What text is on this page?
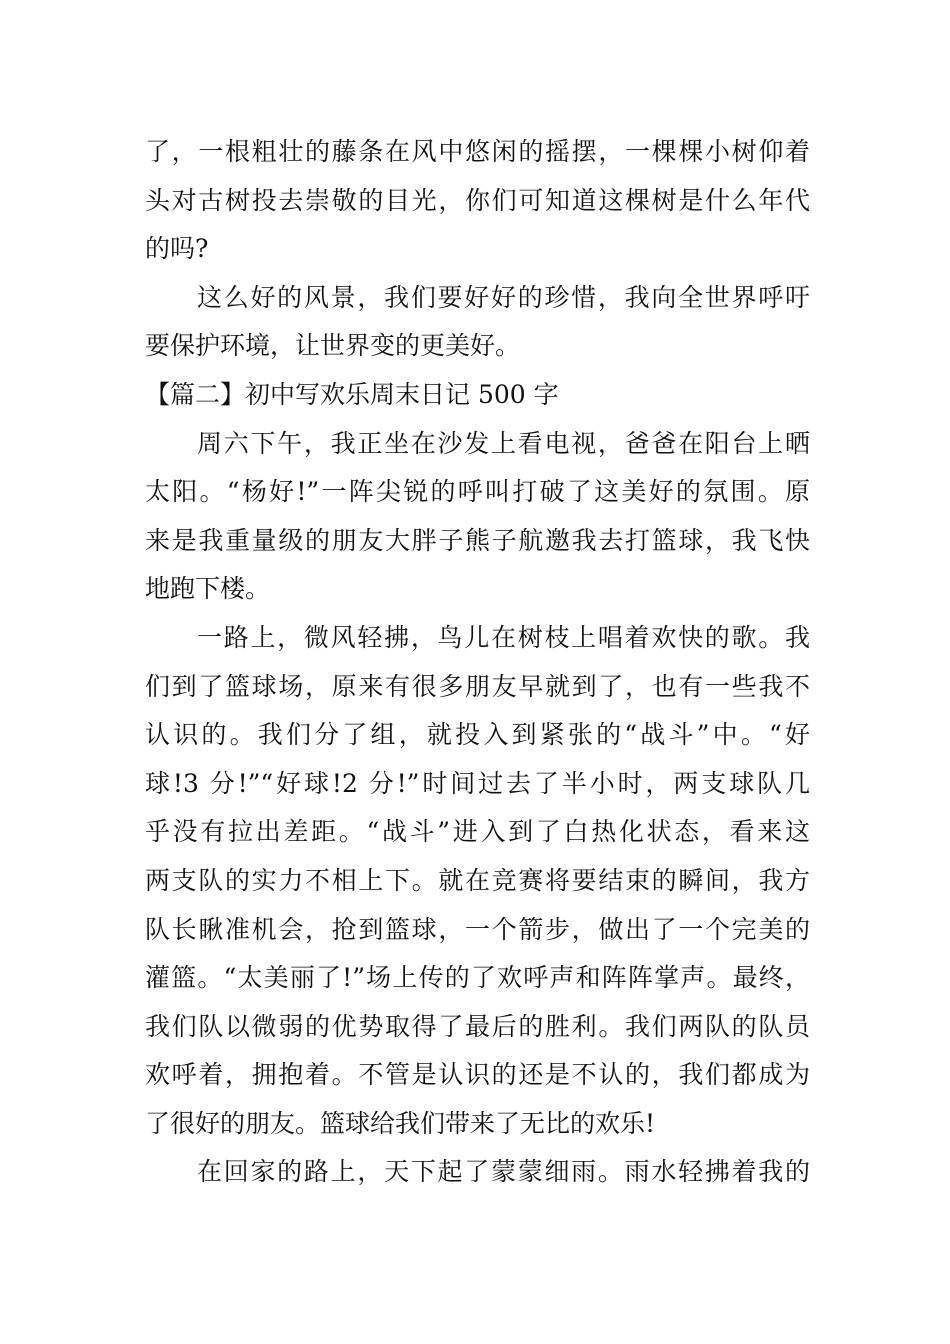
了，一根粗壮的藤条在风中悠闲的摇摆，一棵棵小树仰着
头对古树投去崇敬的目光，你们可知道这棵树是什么年代
的吗?
这么好的风景，我们要好好的珍惜，我向全世界呼吁
要保护环境，让世界变的更美好。
【篇二】初中写欢乐周末日记 500 字
周六下午，我正坐在沙发上看电视，爸爸在阳台上晒
太阳。“杨好!”一阵尖锐的呼叫打破了这美好的氛围。原
来是我重量级的朋友大胖子熊子航邀我去打篮球，我飞快
地跑下楼。
一路上，微风轻拂，鸟儿在树枝上唱着欢快的歌。我
们到了篮球场，原来有很多朋友早就到了，也有一些我不
认识的。我们分了组，就投入到紧张的“战斗”中。“好
球!3 分!”“好球!2 分!”时间过去了半小时，两支球队几
乎没有拉出差距。“战斗”进入到了白热化状态，看来这
两支队的实力不相上下。就在竞赛将要结束的瞬间，我方
队长瞅准机会，抢到篮球，一个箭步，做出了一个完美的
灌篮。“太美丽了!”场上传的了欢呼声和阵阵掌声。最终，
我们队以微弱的优势取得了最后的胜利。我们两队的队员
欢呼着，拥抱着。不管是认识的还是不认的，我们都成为
了很好的朋友。篮球给我们带来了无比的欢乐!
在回家的路上，天下起了蒙蒙细雨。雨水轻拂着我的
